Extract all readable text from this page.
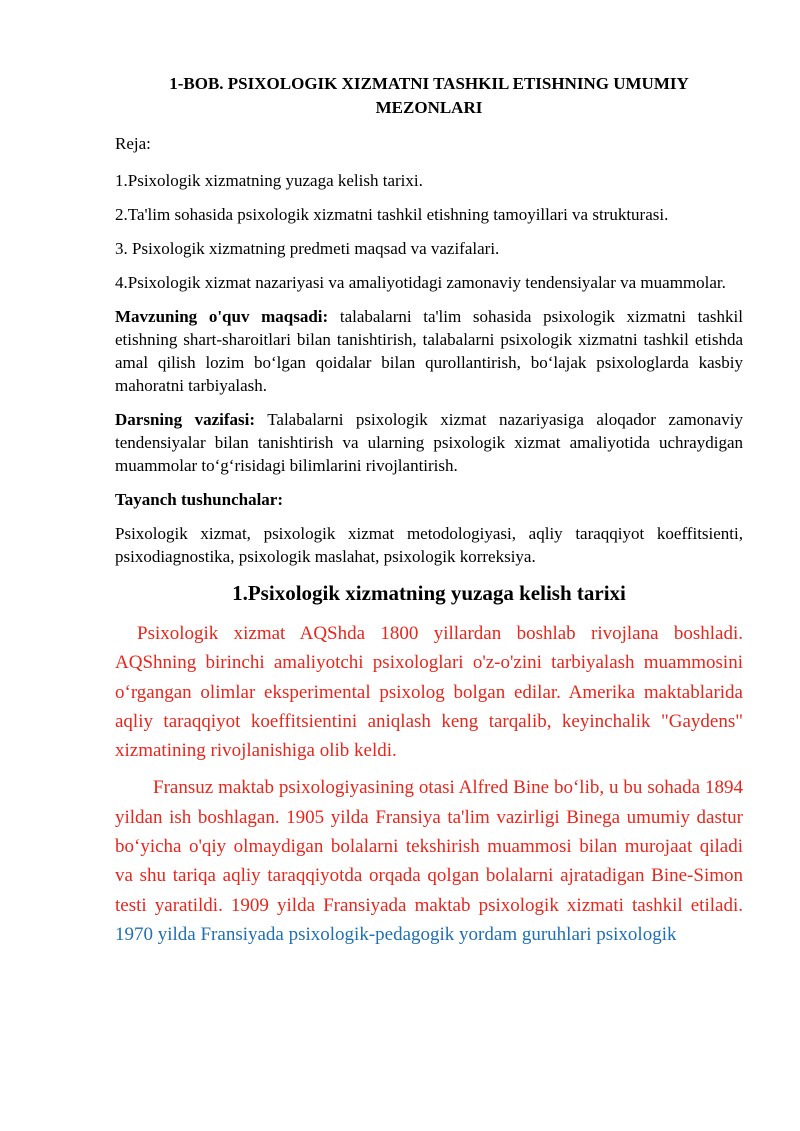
1-BOB. PSIXOLOGIK XIZMATNI TASHKIL ETISHNING UMUMIY MEZONLARI

Reja:

1.Psixologik xizmatning yuzaga kelish tarixi.

2.Ta'lim sohasida psixologik xizmatni tashkil etishning tamoyillari va strukturasi.

3. Psixologik xizmatning predmeti maqsad va vazifalari.

4.Psixologik xizmat nazariyasi va amaliyotidagi zamonaviy tendensiyalar va muammolar.

Mavzuning o'quv maqsadi: talabalarni ta'lim sohasida psixologik xizmatni tashkil etishning shart-sharoitlari bilan tanishtirish, talabalarni psixologik xizmatni tashkil etishda amal qilish lozim bo‘lgan qoidalar bilan qurollantirish, bo‘lajak psixologlarda kasbiy mahoratni tarbiyalash.

Darsning vazifasi: Talabalarni psixologik xizmat nazariyasiga aloqador zamonaviy tendensiyalar bilan tanishtirish va ularning psixologik xizmat amaliyotida uchraydigan muammolar to‘g‘risidagi bilimlarini rivojlantirish.

Tayanch tushunchalar:

Psixologik xizmat, psixologik xizmat metodologiyasi, aqliy taraqqiyot koeffitsienti, psixodiagnostika, psixologik maslahat, psixologik korreksiya.

1.Psixologik xizmatning yuzaga kelish tarixi

Psixologik xizmat AQShda 1800 yillardan boshlab rivojlana boshladi. AQShning birinchi amaliyotchi psixologlari o'z-o'zini tarbiyalash muammosini o‘rgangan olimlar eksperimental psixolog bolgan edilar. Amerika maktablarida aqliy taraqqiyot koeffitsientini aniqlash keng tarqalib, keyinchalik "Gaydens" xizmatining rivojlanishiga olib keldi.

Fransuz maktab psixologiyasining otasi Alfred Bine bo‘lib, u bu sohada 1894 yildan ish boshlagan. 1905 yilda Fransiya ta'lim vazirligi Binega umumiy dastur bo‘yicha o'qiy olmaydigan bolalarni tekshirish muammosi bilan murojaat qiladi va shu tariqa aqliy taraqqiyotda orqada qolgan bolalarni ajratadigan Bine-Simon testi yaratildi. 1909 yilda Fransiyada maktab psixologik xizmati tashkil etiladi. 1970 yilda Fransiyada psixologik-pedagogik yordam guruhlari psixologik
